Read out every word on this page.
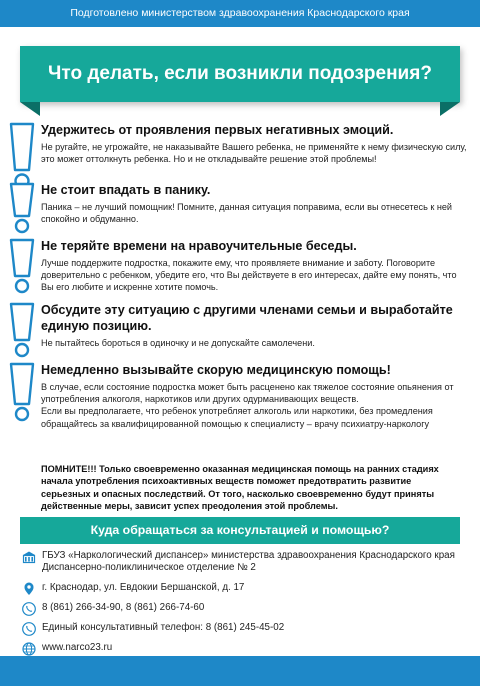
Подготовлено министерством здравоохранения Краснодарского края
Что делать, если возникли подозрения?
Удержитесь от проявления первых негативных эмоций.

Не ругайте, не угрожайте, не наказывайте Вашего ребенка, не применяйте к нему физическую силу, это может оттолкнуть ребенка. Но и не откладывайте решение этой проблемы!

Не стоит впадать в панику.

Паника – не лучший помощник! Помните, данная ситуация поправима, если вы отнесетесь к ней спокойно и обдуманно.

Не теряйте времени на нравоучительные беседы.

Лучше поддержите подростка, покажите ему, что проявляете внимание и заботу. Поговорите доверительно с ребенком, убедите его, что Вы действуете в его интересах, дайте ему понять, что Вы его любите и искренне хотите помочь.

Обсудите эту ситуацию с другими членами семьи и выработайте единую позицию.

Не пытайтесь бороться в одиночку и не допускайте самолечени.

Немедленно вызывайте скорую медицинскую помощь!

В случае, если состояние подростка может быть расценено как тяжелое состояние опьянения от употребления алкоголя, наркотиков или других одурманивающих веществ.

Если вы предполагаете, что ребенок употребляет алкоголь или наркотики, без промедления обращайтесь за квалифицированной помощью к специалисту – врачу психиатру-наркологу

ПОМНИТЕ!!! Только своевременно оказанная медицинская помощь на ранних стадиях начала употребления психоактивных веществ поможет предотвратить развитие серьезных и опасных последствий. От того, насколько своевременно будут приняты действенные меры, зависит успех преодоления этой проблемы.
Куда обращаться за консультацией и помощью?
ГБУЗ «Наркологический диспансер» министерства здравоохранения Краснодарского края
Диспансерно-поликлиническое отделение № 2
г. Краснодар, ул. Евдокии Бершанской, д. 17
8 (861) 266-34-90, 8 (861) 266-74-60
Единый консультативный телефон: 8 (861) 245-45-02
www.narco23.ru
